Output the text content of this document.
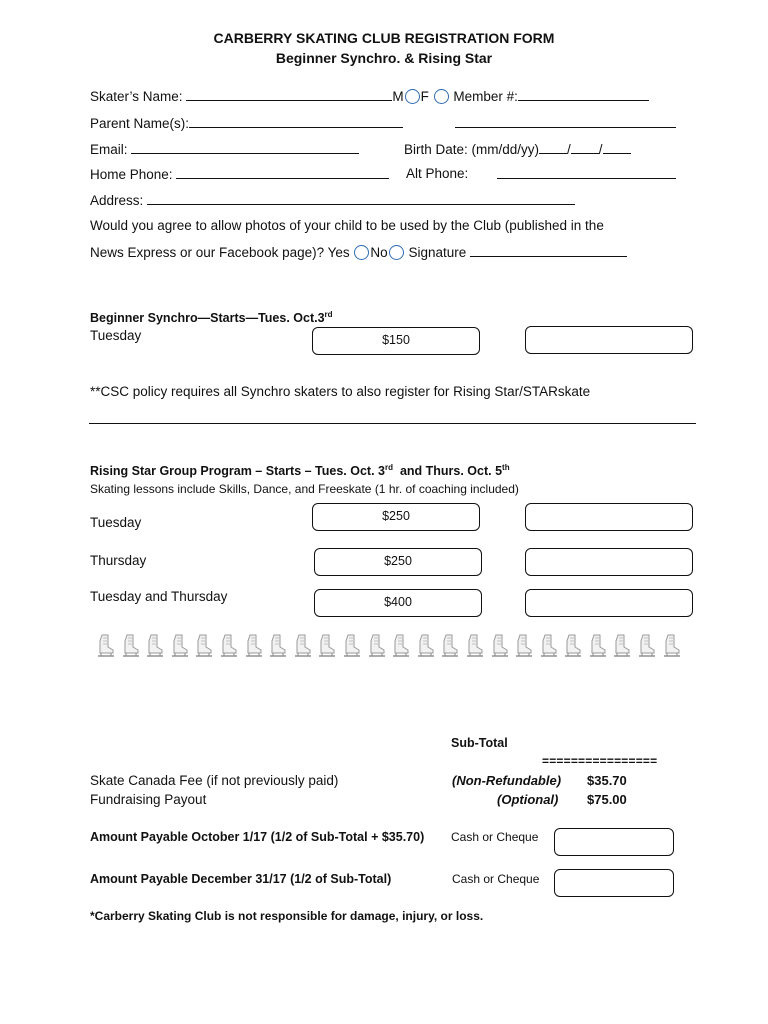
CARBERRY SKATING CLUB REGISTRATION FORM
Beginner Synchro. & Rising Star
Skater’s Name:	M F Member #:
Parent Name(s):
Email:	Birth Date: (mm/dd/yy) / /
Home Phone:	Alt Phone:
Address:
Would you agree to allow photos of your child to be used by the Club (published in the
News Express or our Facebook page)? Yes No Signature
Beginner Synchro—Starts—Tues. Oct.3rd
Tuesday	$150
**CSC policy requires all Synchro skaters to also register for Rising Star/STARskate
Rising Star Group Program – Starts – Tues. Oct. 3rd and Thurs. Oct. 5th
Skating lessons include Skills, Dance, and Freeskate (1 hr. of coaching included)
Tuesday	$250
Thursday	$250
Tuesday and Thursday	$400
Sub-Total
================
Skate Canada Fee (if not previously paid)	(Non-Refundable) $35.70
Fundraising Payout	(Optional) $75.00
Amount Payable October 1/17 (1/2 of Sub-Total + $35.70) Cash or Cheque
Amount Payable December 31/17 (1/2 of Sub-Total)	Cash or Cheque
*Carberry Skating Club is not responsible for damage, injury, or loss.
